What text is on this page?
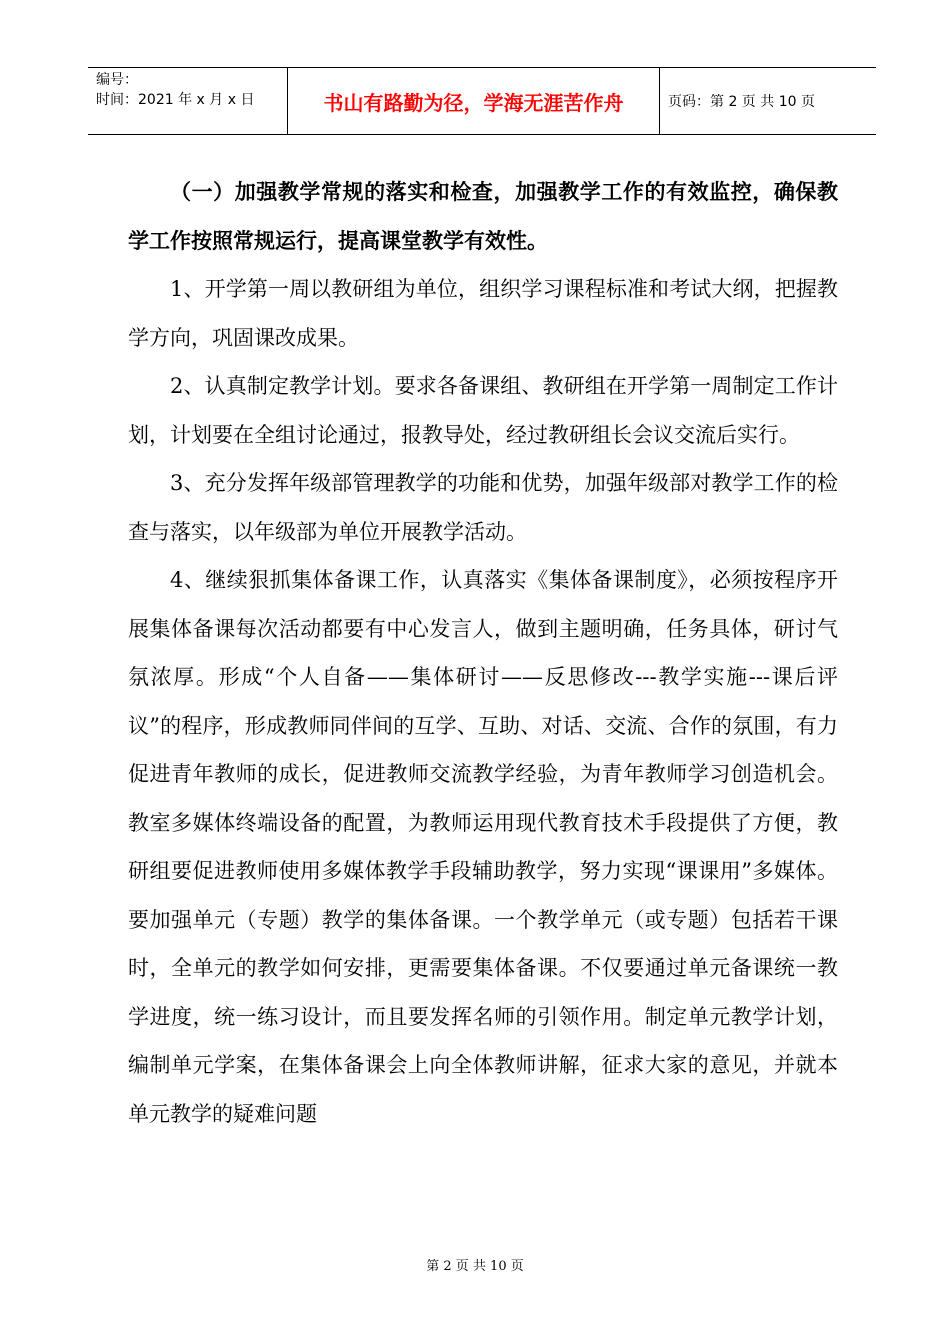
编号：
时间：2021 年 x 月 x 日	书山有路勤为径，学海无涯苦作舟	页码：第 2 页 共 10 页

（一）加强教学常规的落实和检查，加强教学工作的有效监控，确保教学工作按照常规运行，提高课堂教学有效性。

1、开学第一周以教研组为单位，组织学习课程标准和考试大纲，把握教学方向，巩固课改成果。

2、认真制定教学计划。要求各备课组、教研组在开学第一周制定工作计划，计划要在全组讨论通过，报教导处，经过教研组长会议交流后实行。

3、充分发挥年级部管理教学的功能和优势，加强年级部对教学工作的检查与落实，以年级部为单位开展教学活动。

4、继续狠抓集体备课工作，认真落实《集体备课制度》，必须按程序开展集体备课每次活动都要有中心发言人，做到主题明确，任务具体，研讨气氛浓厚。形成“个人自备——集体研讨——反思修改---教学实施---课后评议”的程序，形成教师同伴间的互学、互助、对话、交流、合作的氛围，有力促进青年教师的成长，促进教师交流教学经验，为青年教师学习创造机会。教室多媒体终端设备的配置，为教师运用现代教育技术手段提供了方便，教研组要促进教师使用多媒体教学手段辅助教学，努力实现“课课用”多媒体。要加强单元（专题）教学的集体备课。一个教学单元（或专题）包括若干课时，全单元的教学如何安排，更需要集体备课。不仅要通过单元备课统一教学进度，统一练习设计，而且要发挥名师的引领作用。制定单元教学计划，编制单元学案，在集体备课会上向全体教师讲解，征求大家的意见，并就本单元教学的疑难问题

第 2 页 共 10 页
